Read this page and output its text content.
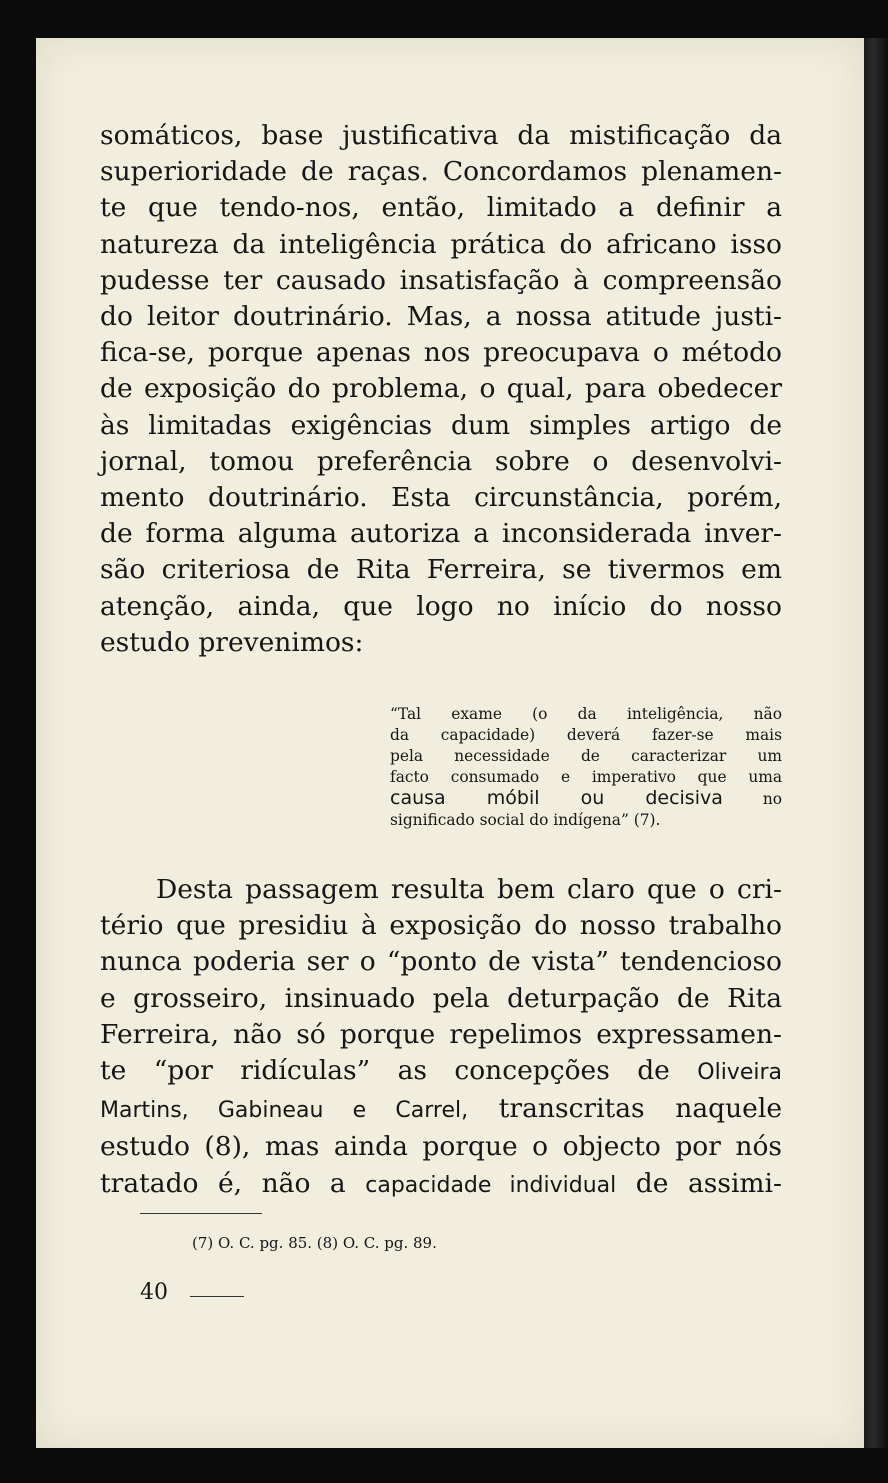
somáticos, base justificativa da mistificação da
superioridade de raças. Concordamos plenamen-
te que tendo-nos, então, limitado a definir a
natureza da inteligência prática do africano isso
pudesse ter causado insatisfação à compreensão
do leitor doutrinário. Mas, a nossa atitude justi-
fica-se, porque apenas nos preocupava o método
de exposição do problema, o qual, para obedecer
às limitadas exigências dum simples artigo de
jornal, tomou preferência sobre o desenvolvi-
mento doutrinário. Esta circunstância, porém,
de forma alguma autoriza a inconsiderada inver-
são criteriosa de Rita Ferreira, se tivermos em
atenção, ainda, que logo no início do nosso
estudo prevenimos:
“Tal exame (o da inteligência, não
da capacidade) deverá fazer-se mais
pela necessidade de caracterizar um
facto consumado e imperativo que uma
causa móbil ou decisiva	no
significado social do indígena” (7).
Desta passagem resulta bem claro que o cri-
tério que presidiu à exposição do nosso trabalho
nunca poderia ser o “ponto de vista” tendencioso
e grosseiro, insinuado pela deturpação de Rita
Ferreira, não só porque repelimos expressamen-
te “por ridículas” as concepções de Oliveira
Martins, Gabineau e Carrel, transcritas naquele
estudo (8), mas ainda porque o objecto por nós
tratado é, não a capacidade individual de assimi-
(7) O. C. pg. 85. (8) O. C. pg. 89.
40
